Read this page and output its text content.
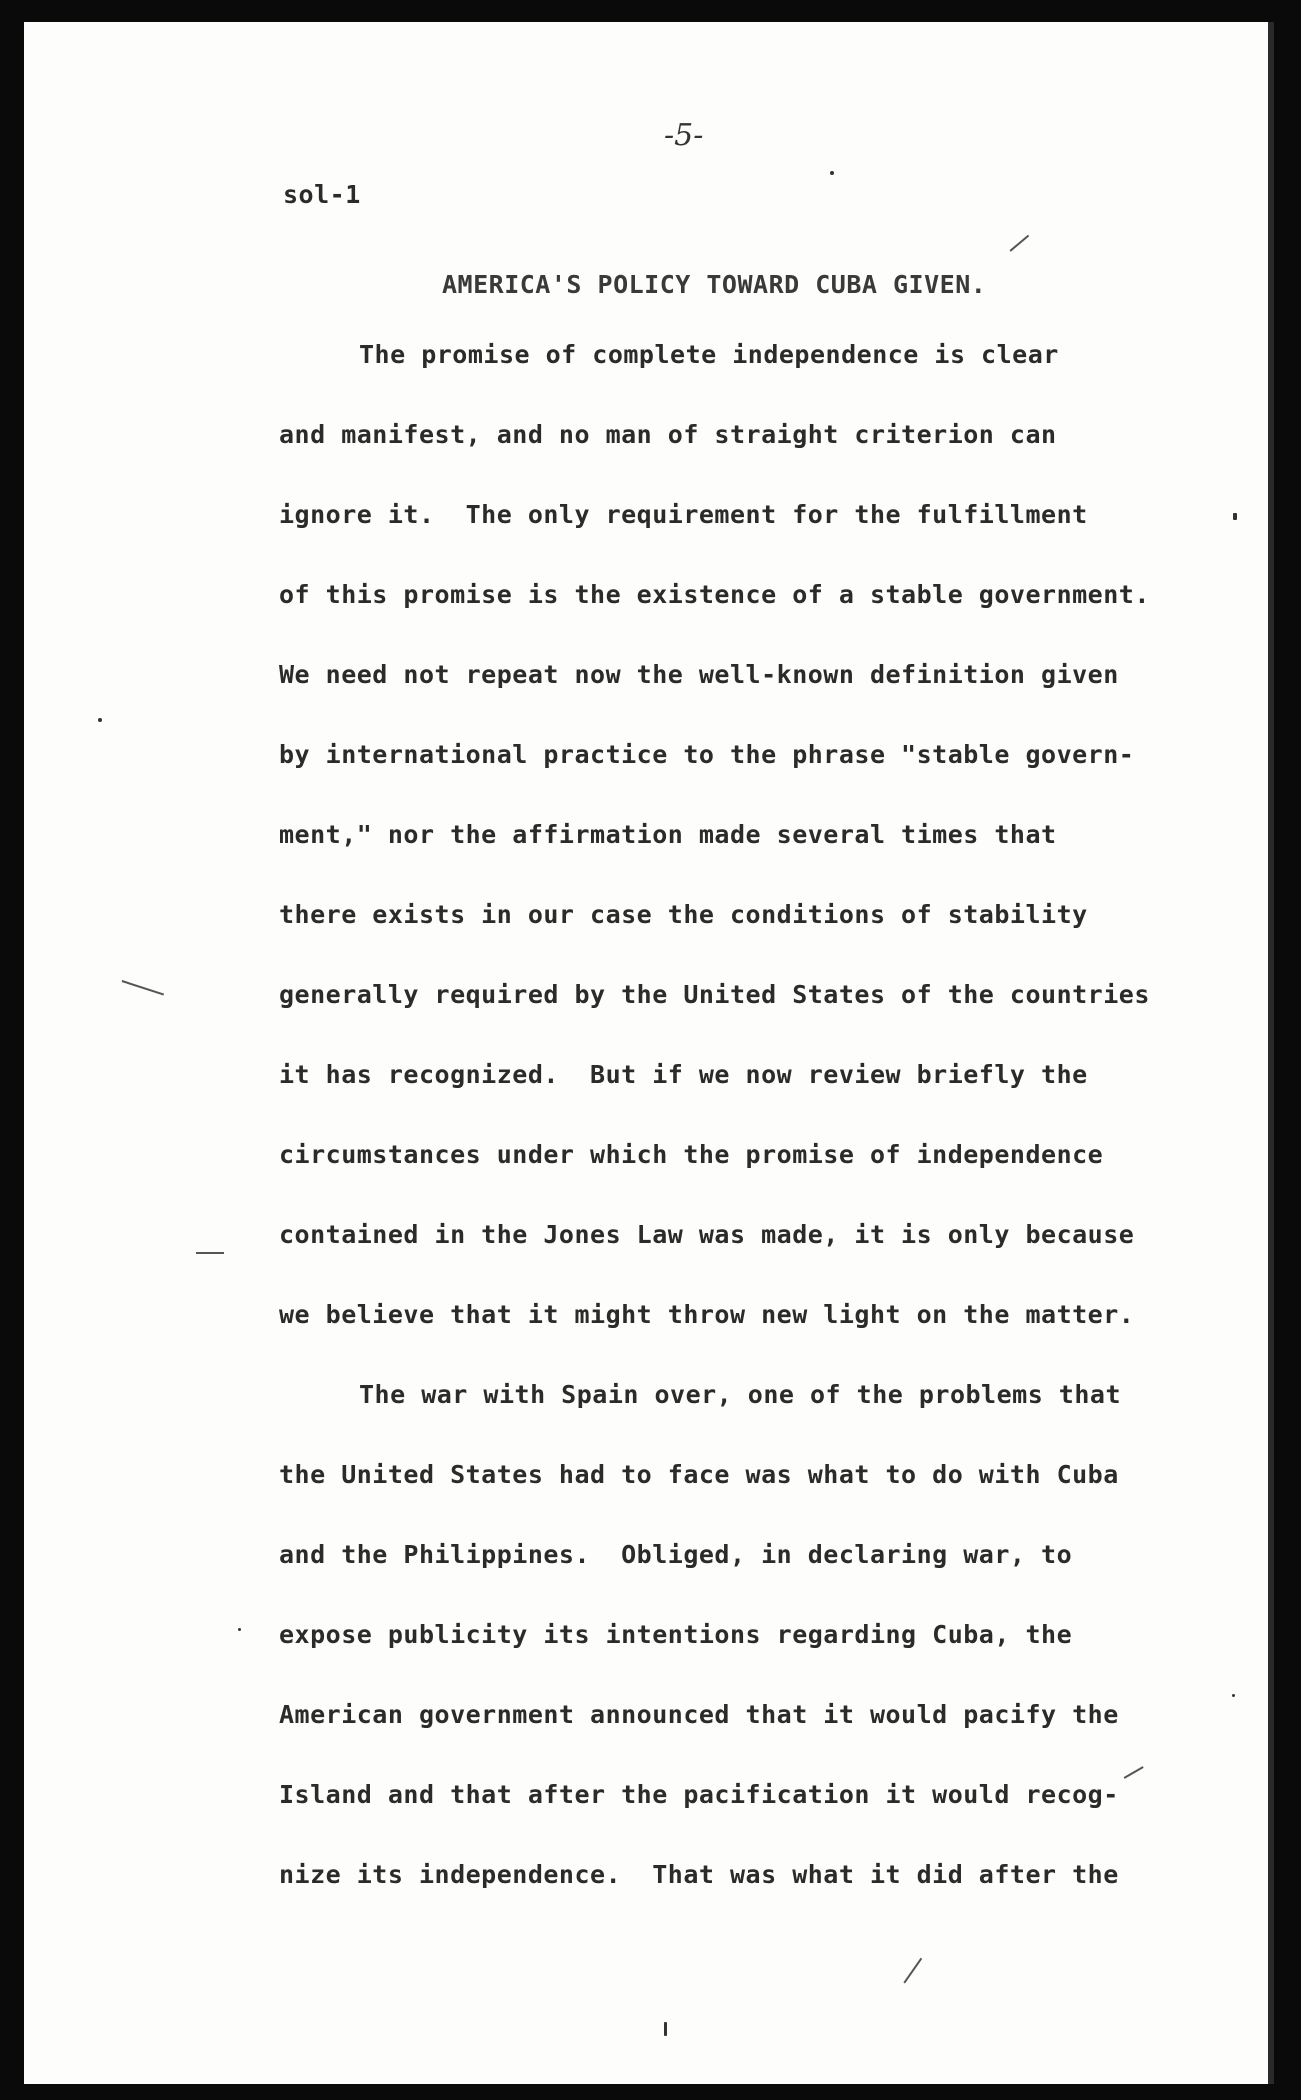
-5-
sol-1
AMERICA'S POLICY TOWARD CUBA GIVEN.
The promise of complete independence is clear
and manifest, and no man of straight criterion can
ignore it.  The only requirement for the fulfillment
of this promise is the existence of a stable government.
We need not repeat now the well-known definition given
by international practice to the phrase "stable govern-
ment," nor the affirmation made several times that
there exists in our case the conditions of stability
generally required by the United States of the countries
it has recognized.  But if we now review briefly the
circumstances under which the promise of independence
contained in the Jones Law was made, it is only because
we believe that it might throw new light on the matter.
The war with Spain over, one of the problems that
the United States had to face was what to do with Cuba
and the Philippines.  Obliged, in declaring war, to
expose publicity its intentions regarding Cuba, the
American government announced that it would pacify the
Island and that after the pacification it would recog-
nize its independence.  That was what it did after the
